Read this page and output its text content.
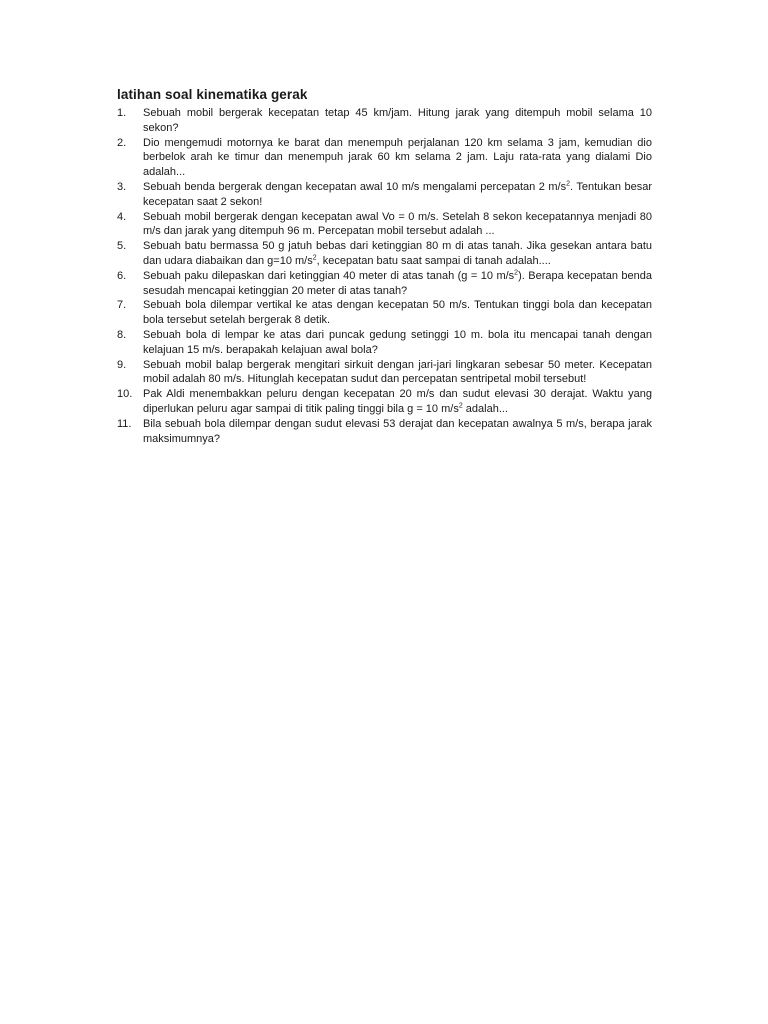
latihan soal kinematika gerak
1.	Sebuah mobil bergerak kecepatan tetap 45 km/jam. Hitung jarak yang ditempuh mobil selama 10 sekon?
2.	Dio mengemudi motornya ke barat dan menempuh perjalanan 120 km selama 3 jam, kemudian dio berbelok arah ke timur dan menempuh jarak 60 km selama 2 jam. Laju rata-rata yang dialami Dio adalah...
3.	Sebuah benda bergerak dengan kecepatan awal 10 m/s mengalami percepatan 2 $m/s^2$. Tentukan besar kecepatan saat 2 sekon!
4.	Sebuah mobil bergerak dengan kecepatan awal Vo = 0 m/s. Setelah 8 sekon kecepatannya menjadi 80 m/s dan jarak yang ditempuh 96 m. Percepatan mobil tersebut adalah ...
5.	Sebuah batu bermassa 50 g jatuh bebas dari ketinggian 80 m di atas tanah. Jika gesekan antara batu dan udara diabaikan dan g=10 $m/s^2$, kecepatan batu saat sampai di tanah adalah....
6.	Sebuah paku dilepaskan dari ketinggian 40 meter di atas tanah (g = 10 $m/s^2$). Berapa kecepatan benda sesudah mencapai ketinggian 20 meter di atas tanah?
7.	Sebuah bola dilempar vertikal ke atas dengan kecepatan 50 m/s. Tentukan tinggi bola dan kecepatan bola tersebut setelah bergerak 8 detik.
8.	Sebuah bola di lempar ke atas dari puncak gedung setinggi 10 m. bola itu mencapai tanah dengan kelajuan 15 m/s. berapakah kelajuan awal bola?
9.	Sebuah mobil balap bergerak mengitari sirkuit dengan jari-jari lingkaran sebesar 50 meter. Kecepatan mobil adalah 80 m/s. Hitunglah kecepatan sudut dan percepatan sentripetal mobil tersebut!
10. Pak Aldi menembakkan peluru dengan kecepatan 20 m/s dan sudut elevasi 30 derajat. Waktu yang diperlukan peluru agar sampai di titik paling tinggi bila g = 10 $m/s^2$ adalah...
11.	Bila sebuah bola dilempar dengan sudut elevasi 53 derajat dan kecepatan awalnya 5 m/s, berapa jarak maksimumnya?
